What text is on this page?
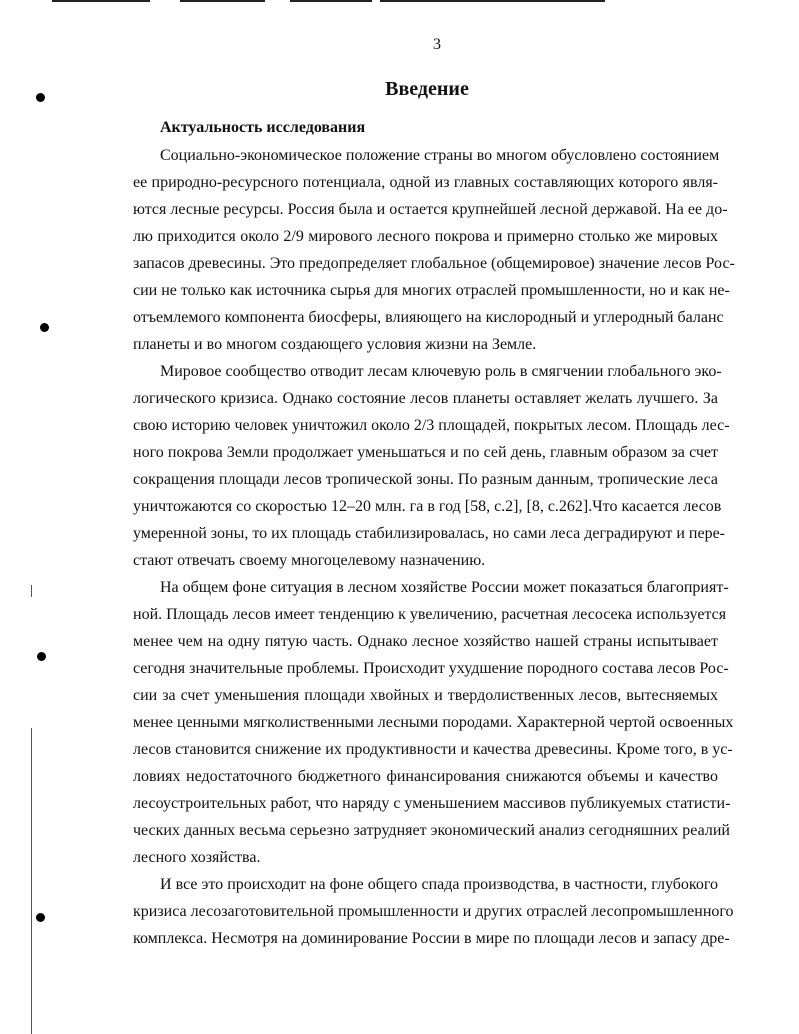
3
Введение
Актуальность исследования
Социально-экономическое положение страны во многом обусловлено состоянием
ее природно-ресурсного потенциала, одной из главных составляющих которого явля-
ются лесные ресурсы. Россия была и остается крупнейшей лесной державой. На ее до-
лю приходится около 2/9 мирового лесного покрова и примерно столько же мировых
запасов древесины. Это предопределяет глобальное (общемировое) значение лесов Рос-
сии не только как источника сырья для многих отраслей промышленности, но и как не-
отъемлемого компонента биосферы, влияющего на кислородный и углеродный баланс
планеты и во многом создающего условия жизни на Земле.
Мировое сообщество отводит лесам ключевую роль в смягчении глобального эко-
логического кризиса. Однако состояние лесов планеты оставляет желать лучшего. За
свою историю человек уничтожил около 2/3 площадей, покрытых лесом. Площадь лес-
ного покрова Земли продолжает уменьшаться и по сей день, главным образом за счет
сокращения площади лесов тропической зоны. По разным данным, тропические леса
уничтожаются со скоростью 12–20 млн. га в год [58, с.2], [8, с.262].Что касается лесов
умеренной зоны, то их площадь стабилизировалась, но сами леса деградируют и пере-
стают отвечать своему многоцелевому назначению.
На общем фоне ситуация в лесном хозяйстве России может показаться благоприят-
ной. Площадь лесов имеет тенденцию к увеличению, расчетная лесосека используется
менее чем на одну пятую часть. Однако лесное хозяйство нашей страны испытывает
сегодня значительные проблемы. Происходит ухудшение породного состава лесов Рос-
сии за счет уменьшения площади хвойных и твердолиственных лесов, вытесняемых
менее ценными мягколиственными лесными породами. Характерной чертой освоенных
лесов становится снижение их продуктивности и качества древесины. Кроме того, в ус-
ловиях недостаточного бюджетного финансирования снижаются объемы и качество
лесоустроительных работ, что наряду с уменьшением массивов публикуемых статисти-
ческих данных весьма серьезно затрудняет экономический анализ сегодняшних реалий
лесного хозяйства.
И все это происходит на фоне общего спада производства, в частности, глубокого
кризиса лесозаготовительной промышленности и других отраслей лесопромышленного
комплекса. Несмотря на доминирование России в мире по площади лесов и запасу дре-
